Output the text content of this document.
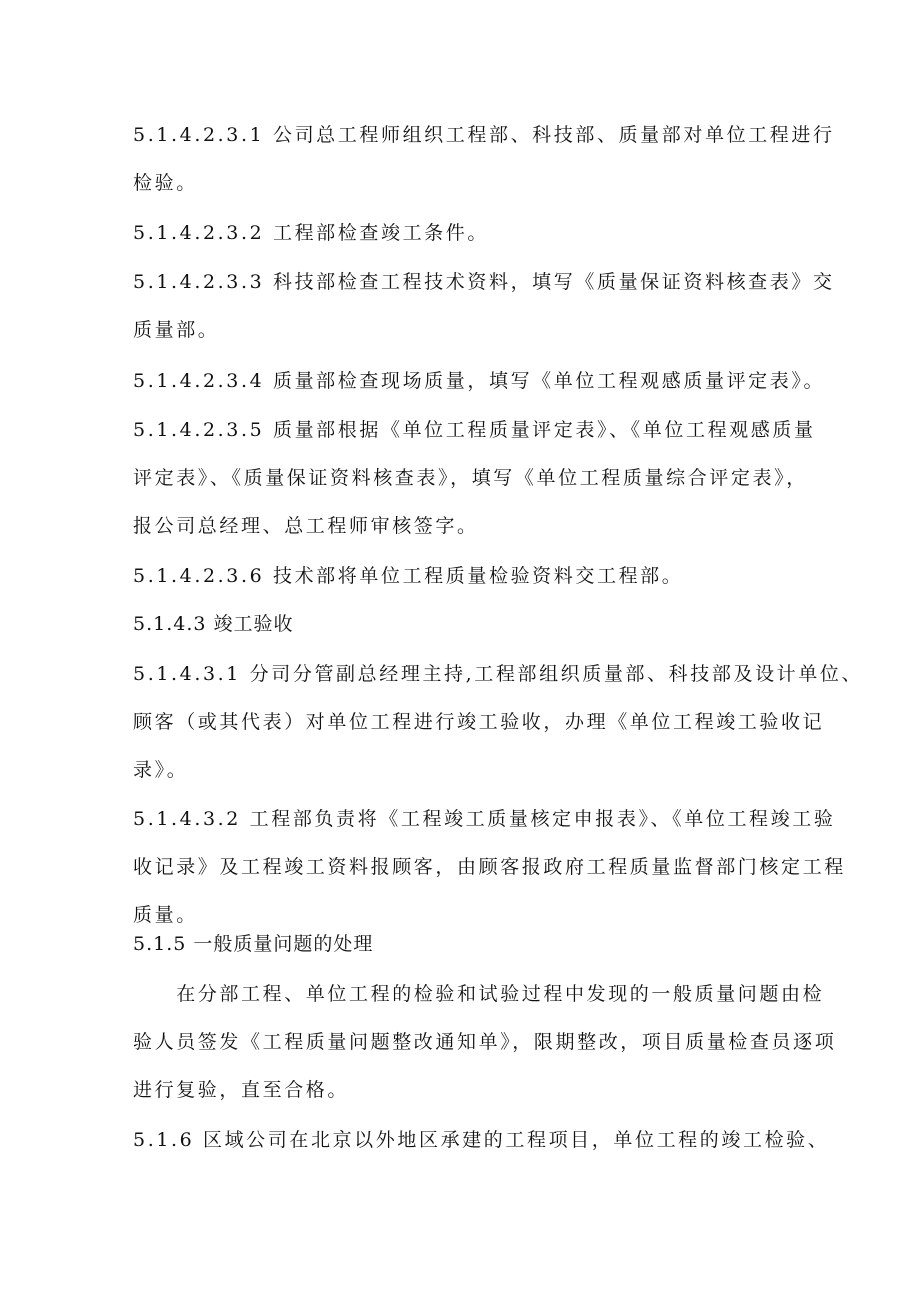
5.1.4.2.3.1 公司总工程师组织工程部、科技部、质量部对单位工程进行
检验。

5.1.4.2.3.2 工程部检查竣工条件。

5.1.4.2.3.3 科技部检查工程技术资料，填写《质量保证资料核查表》交
质量部。

5.1.4.2.3.4 质量部检查现场质量，填写《单位工程观感质量评定表》。

5.1.4.2.3.5 质量部根据《单位工程质量评定表》、《单位工程观感质量
评定表》、《质量保证资料核查表》，填写《单位工程质量综合评定表》，
报公司总经理、总工程师审核签字。

5.1.4.2.3.6 技术部将单位工程质量检验资料交工程部。

5.1.4.3 竣工验收

5.1.4.3.1 分司分管副总经理主持,工程部组织质量部、科技部及设计单位、
顾客（或其代表）对单位工程进行竣工验收，办理《单位工程竣工验收记
录》。

5.1.4.3.2 工程部负责将《工程竣工质量核定申报表》、《单位工程竣工验
收记录》及工程竣工资料报顾客，由顾客报政府工程质量监督部门核定工程
质量。

5.1.5 一般质量问题的处理

　　在分部工程、单位工程的检验和试验过程中发现的一般质量问题由检
验人员签发《工程质量问题整改通知单》，限期整改，项目质量检查员逐项
进行复验，直至合格。

5.1.6 区域公司在北京以外地区承建的工程项目，单位工程的竣工检验、
